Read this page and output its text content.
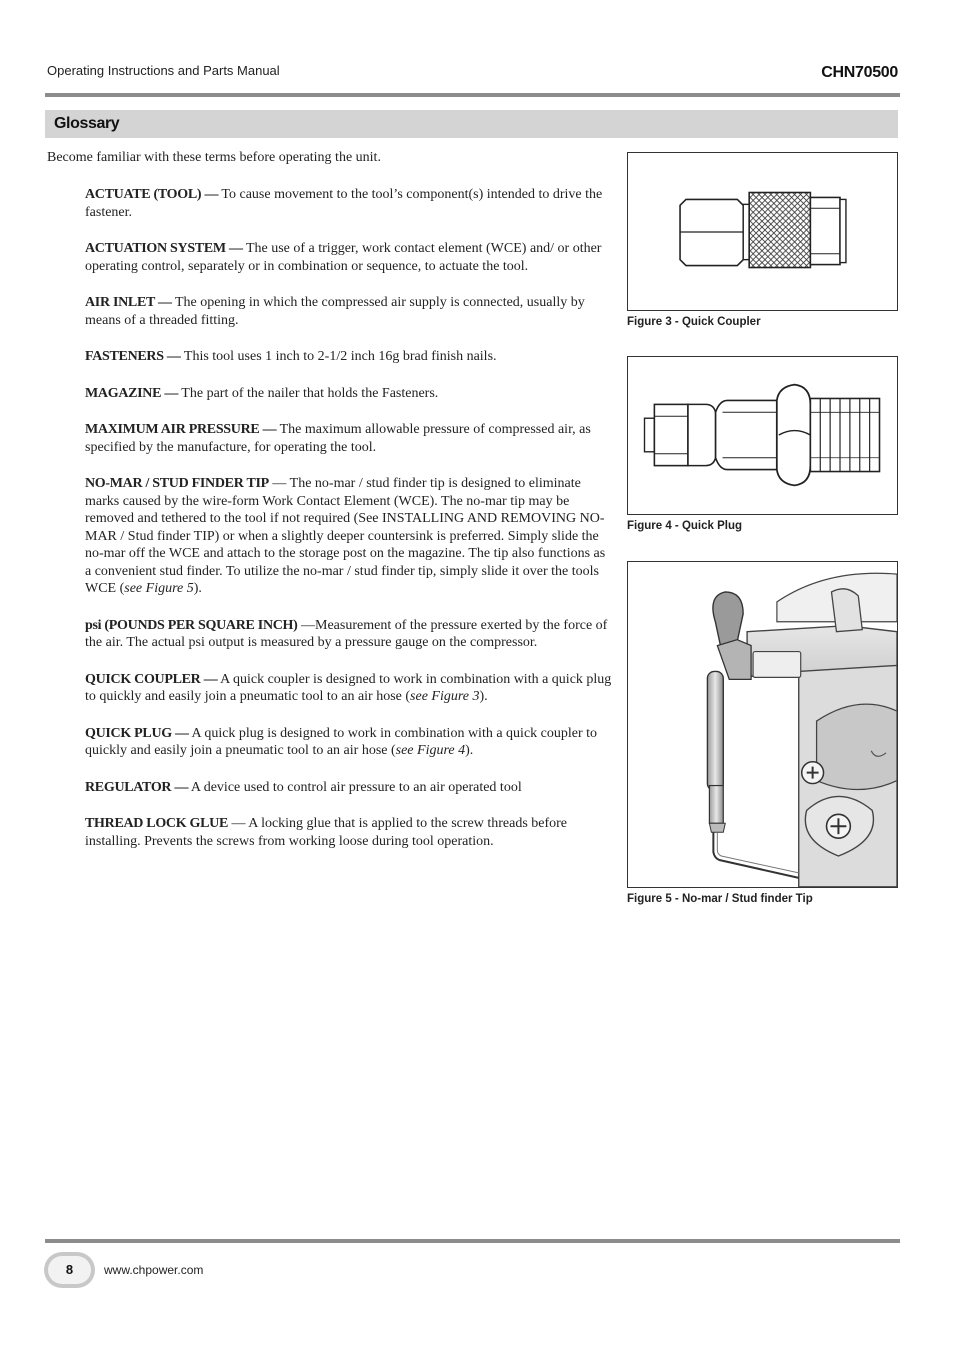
Operating Instructions and Parts Manual	CHN70500
Glossary
Become familiar with these terms before operating the unit.

ACTUATE (TOOL) — To cause movement to the tool’s component(s) intended to drive the fastener.

ACTUATION SYSTEM — The use of a trigger, work contact element (WCE) and/ or other operating control, separately or in combination or sequence, to actuate the tool.

AIR INLET — The opening in which the compressed air supply is connected, usually by means of a threaded fitting.

FASTENERS — This tool uses 1 inch to 2-1/2 inch 16g brad finish nails.

MAGAZINE — The part of the nailer that holds the Fasteners.

MAXIMUM AIR PRESSURE — The maximum allowable pressure of compressed air, as specified by the manufacture, for operating the tool.

NO-MAR / STUD FINDER TIP — The no-mar / stud finder tip is designed to eliminate marks caused by the wire-form Work Contact Element (WCE). The no-mar tip may be removed and tethered to the tool if not required (See INSTALLING AND REMOVING NO-MAR / Stud finder TIP) or when a slightly deeper countersink is preferred. Simply slide the no-mar off the WCE and attach to the storage post on the magazine. The tip also functions as a convenient stud finder. To utilize the no-mar / stud finder tip, simply slide it over the tools WCE (see Figure 5).

psi (POUNDS PER SQUARE INCH) —Measurement of the pressure exerted by the force of the air. The actual psi output is measured by a pressure gauge on the compressor.

QUICK COUPLER — A quick coupler is designed to work in combination with a quick plug to quickly and easily join a pneumatic tool to an air hose (see Figure 3).

QUICK PLUG — A quick plug is designed to work in combination with a quick coupler to quickly and easily join a pneumatic tool to an air hose (see Figure 4).

REGULATOR — A device used to control air pressure to an air operated tool

THREAD LOCK GLUE — A locking glue that is applied to the screw threads before installing. Prevents the screws from working loose during tool operation.

Figure 3 - Quick Coupler
Figure 4 - Quick Plug
Figure 5 - No-mar / Stud finder Tip
8	www.chpower.com
